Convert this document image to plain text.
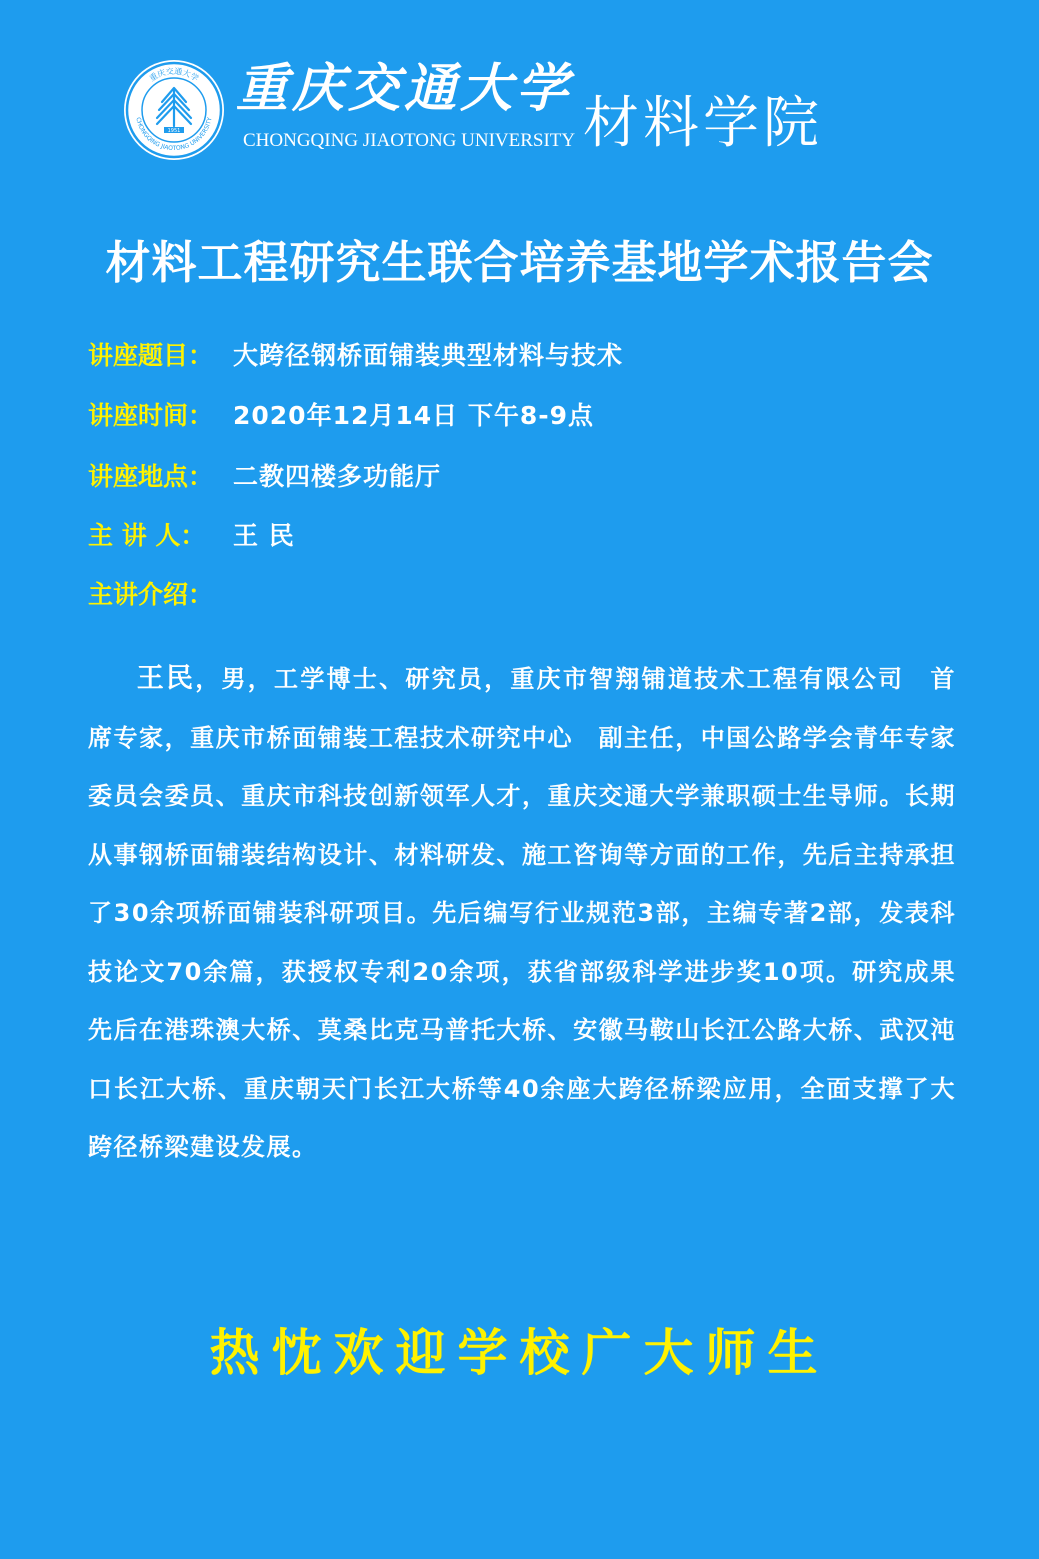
1951
重庆交通大学
CHONGQING JIAOTONG UNIVERSITY
重庆交通大学
CHONGQING JIAOTONG UNIVERSITY 材料学院
材料工程研究生联合培养基地学术报告会
讲座题目： 大跨径钢桥面铺装典型材料与技术
讲座时间： 2020年12月14日 下午8-9点
讲座地点： 二教四楼多功能厅
主 讲 人： 王 民
主讲介绍：
王民，男，工学博士、研究员，重庆市智翔铺道技术工程有限公司　首席专家，重庆市桥面铺装工程技术研究中心　副主任，中国公路学会青年专家委员会委员、重庆市科技创新领军人才，重庆交通大学兼职硕士生导师。长期从事钢桥面铺装结构设计、材料研发、施工咨询等方面的工作，先后主持承担了30余项桥面铺装科研项目。先后编写行业规范3部，主编专著2部，发表科技论文70余篇，获授权专利20余项，获省部级科学进步奖10项。研究成果先后在港珠澳大桥、莫桑比克马普托大桥、安徽马鞍山长江公路大桥、武汉沌口长江大桥、重庆朝天门长江大桥等40余座大跨径桥梁应用，全面支撑了大跨径桥梁建设发展。
热忱欢迎学校广大师生
